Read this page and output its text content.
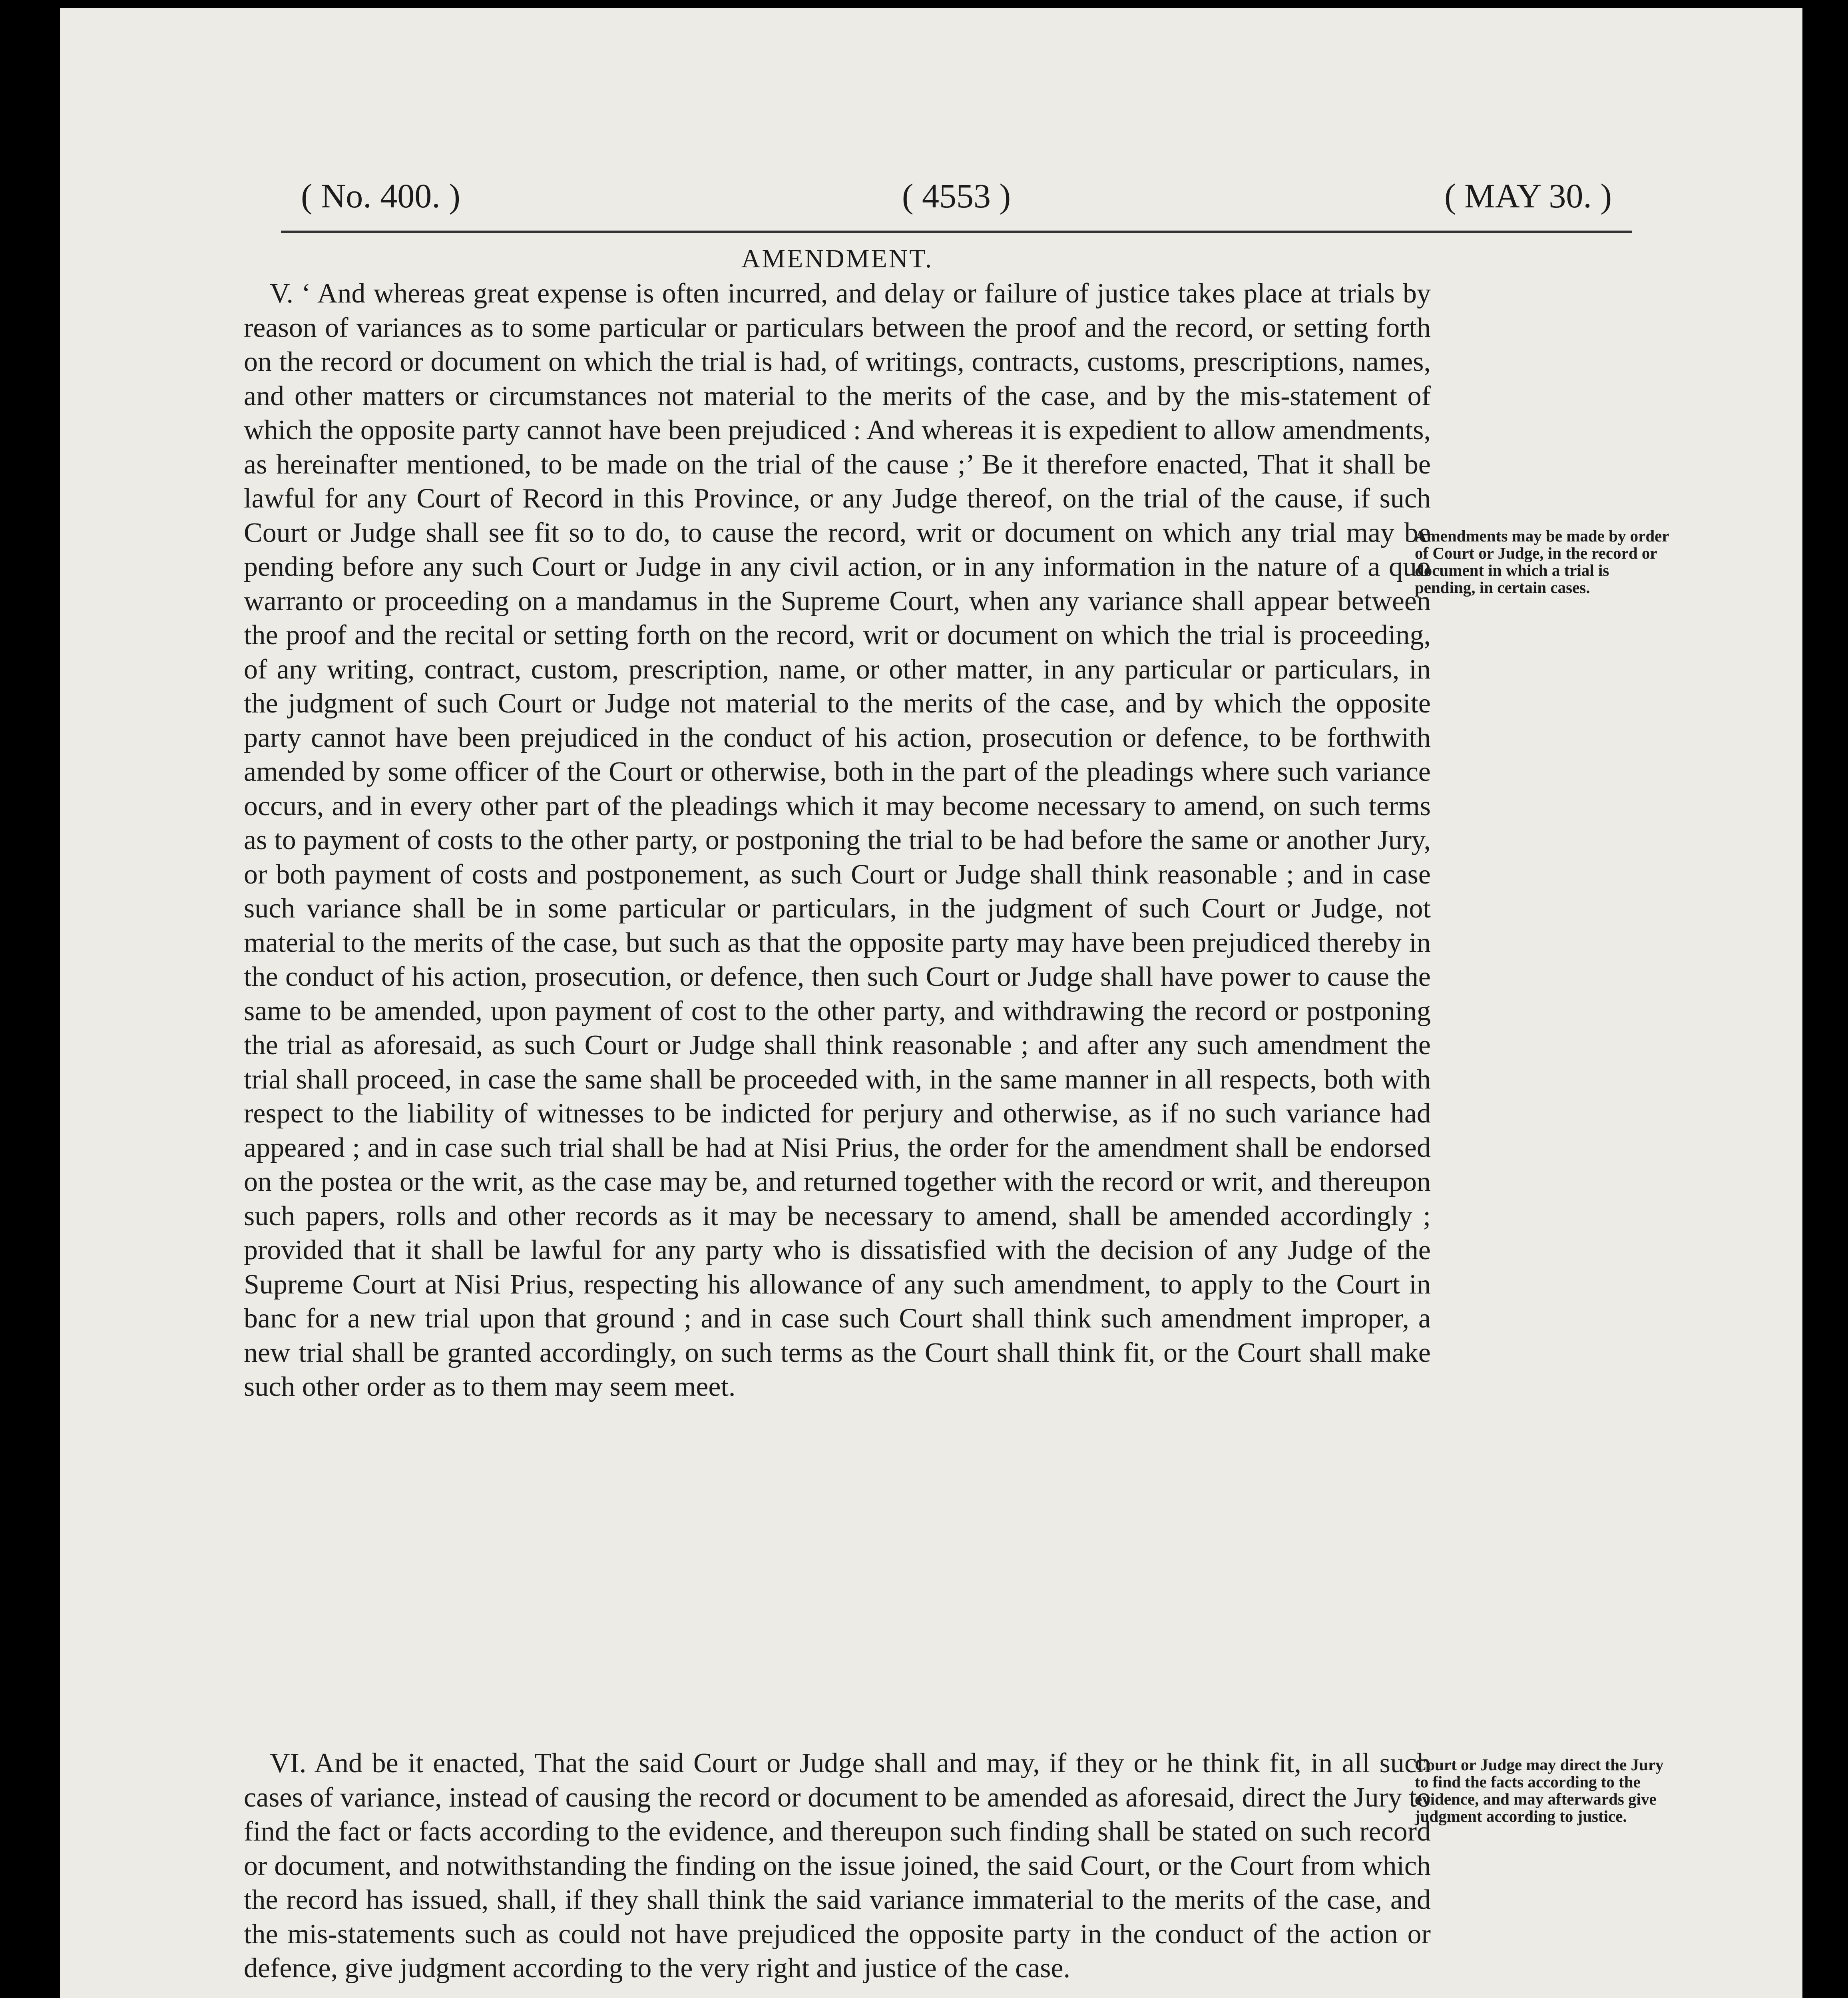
( 4553 )
( No. 400. )	( MAY 30. )
AMENDMENT.

V. ‘ And whereas great expense is often incurred, and delay or failure of justice takes place at trials by reason of variances as to some particular or particulars between the proof and the record, or setting forth on the record or document on which the trial is had, of writings, contracts, customs, prescriptions, names, and other matters or circumstances not material to the merits of the case, and by the mis-statement of which the opposite party cannot have been prejudiced : And whereas it is expedient to allow amendments, as hereinafter mentioned, to be made on the trial of the cause ;’ Be it therefore enacted, That it shall be lawful for any Court of Record in this Province, or any Judge thereof, on the trial of the cause, if such Court or Judge shall see fit so to do, to cause the record, writ or document on which any trial may be pending before any such Court or Judge in any civil action, or in any information in the nature of a quo warranto or proceeding on a mandamus in the Supreme Court, when any variance shall appear between the proof and the recital or setting forth on the record, writ or document on which the trial is proceeding, of any writing, contract, custom, prescription, name, or other matter, in any particular or particulars, in the judgment of such Court or Judge not material to the merits of the case, and by which the opposite party cannot have been prejudiced in the conduct of his action, prosecution or defence, to be forthwith amended by some officer of the Court or otherwise, both in the part of the pleadings where such variance occurs, and in every other part of the pleadings which it may become necessary to amend, on such terms as to payment of costs to the other party, or postponing the trial to be had before the same or another Jury, or both payment of costs and postponement, as such Court or Judge shall think reasonable ; and in case such variance shall be in some particular or particulars, in the judgment of such Court or Judge, not material to the merits of the case, but such as that the opposite party may have been prejudiced thereby in the conduct of his action, prosecution, or defence, then such Court or Judge shall have power to cause the same to be amended, upon payment of cost to the other party, and withdrawing the record or postponing the trial as aforesaid, as such Court or Judge shall think reasonable ; and after any such amendment the trial shall proceed, in case the same shall be proceeded with, in the same manner in all respects, both with respect to the liability of witnesses to be indicted for perjury and otherwise, as if no such variance had appeared ; and in case such trial shall be had at Nisi Prius, the order for the amendment shall be endorsed on the postea or the writ, as the case may be, and returned together with the record or writ, and thereupon such papers, rolls and other records as it may be necessary to amend, shall be amended accordingly ; provided that it shall be lawful for any party who is dissatisfied with the decision of any Judge of the Supreme Court at Nisi Prius, respecting his allowance of any such amendment, to apply to the Court in banc for a new trial upon that ground ; and in case such Court shall think such amendment improper, a new trial shall be granted accordingly, on such terms as the Court shall think fit, or the Court shall make such other order as to them may seem meet.

VI. And be it enacted, That the said Court or Judge shall and may, if they or he think fit, in all such cases of variance, instead of causing the record or document to be amended as aforesaid, direct the Jury to find the fact or facts according to the evidence, and thereupon such finding shall be stated on such record or document, and notwithstanding the finding on the issue joined, the said Court, or the Court from which the record has issued, shall, if they shall think the said variance immaterial to the merits of the case, and the mis-statements such as could not have prejudiced the opposite party in the conduct of the action or defence, give judgment according to the very right and justice of the case.

Amendments may be made by order of Court or Judge, in the record or document in which a trial is pending, in certain cases.
Court or Judge may direct the Jury to find the facts according to the evidence, and may afterwards give judgment according to justice.
